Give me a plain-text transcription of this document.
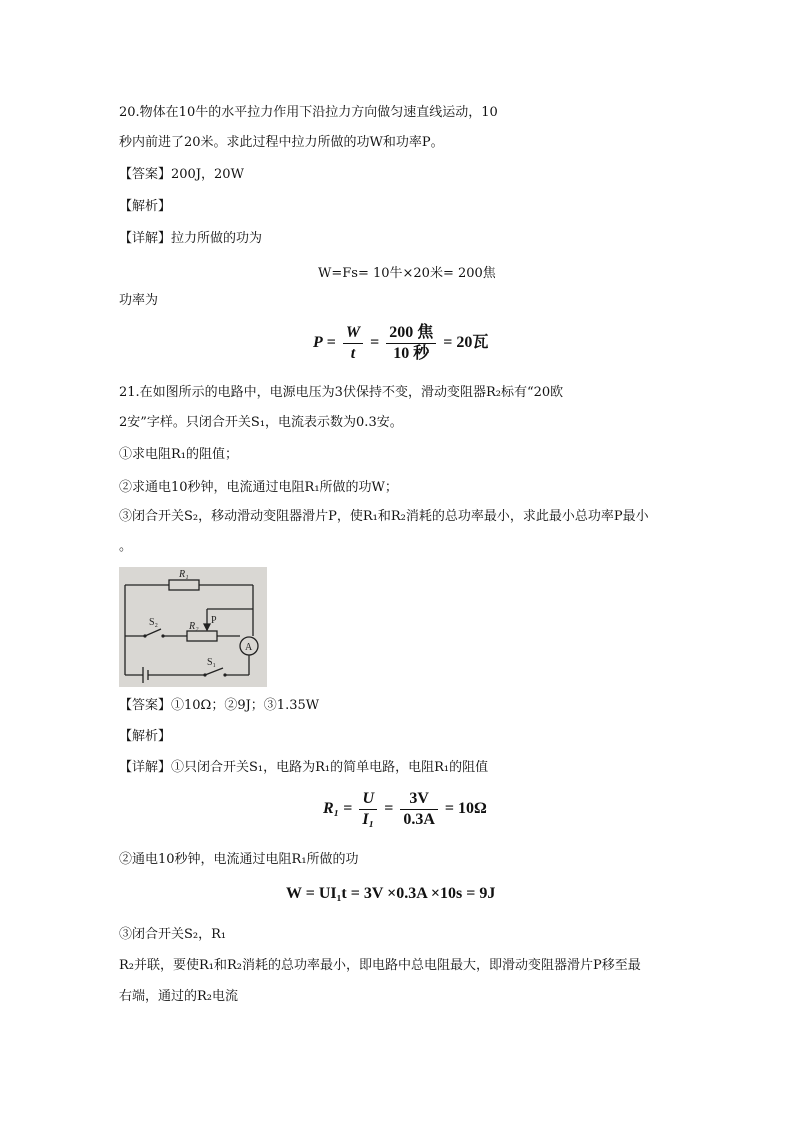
20.物体在10牛的水平拉力作用下沿拉力方向做匀速直线运动，10
秒内前进了20米。求此过程中拉力所做的功W和功率P。
【答案】200J，20W
【解析】
【详解】拉力所做的功为
W=Fs= 10牛×20米= 200焦
功率为
$P = \frac{W}{t} = \frac{\text{200 焦}}{\text{10 秒}} = 20$瓦
21.在如图所示的电路中，电源电压为3伏保持不变，滑动变阻器R₂标有“20欧
2安”字样。只闭合开关S₁，电流表示数为0.3安。
①求电阻R₁的阻值；
②求通电10秒钟，电流通过电阻R₁所做的功W；
③闭合开关S₂，移动滑动变阻器滑片P，使R₁和R₂消耗的总功率最小，求此最小总功率P最小
。
R₁
R₂
P
S₂
S₁
A
【答案】①10Ω；②9J；③1.35W
【解析】
【详解】①只闭合开关S₁，电路为R₁的简单电路，电阻R₁的阻值
$R_1 = \frac{U}{\text{I₁}} = \frac{3V}{0.3A} = 10\Omega$
②通电10秒钟，电流通过电阻R₁所做的功
W = UI₁t = 3V ×0.3A ×10s = 9J
③闭合开关S₂，R₁
R₂并联，要使R₁和R₂消耗的总功率最小，即电路中总电阻最大，即滑动变阻器滑片P移至最
右端，通过的R₂电流
